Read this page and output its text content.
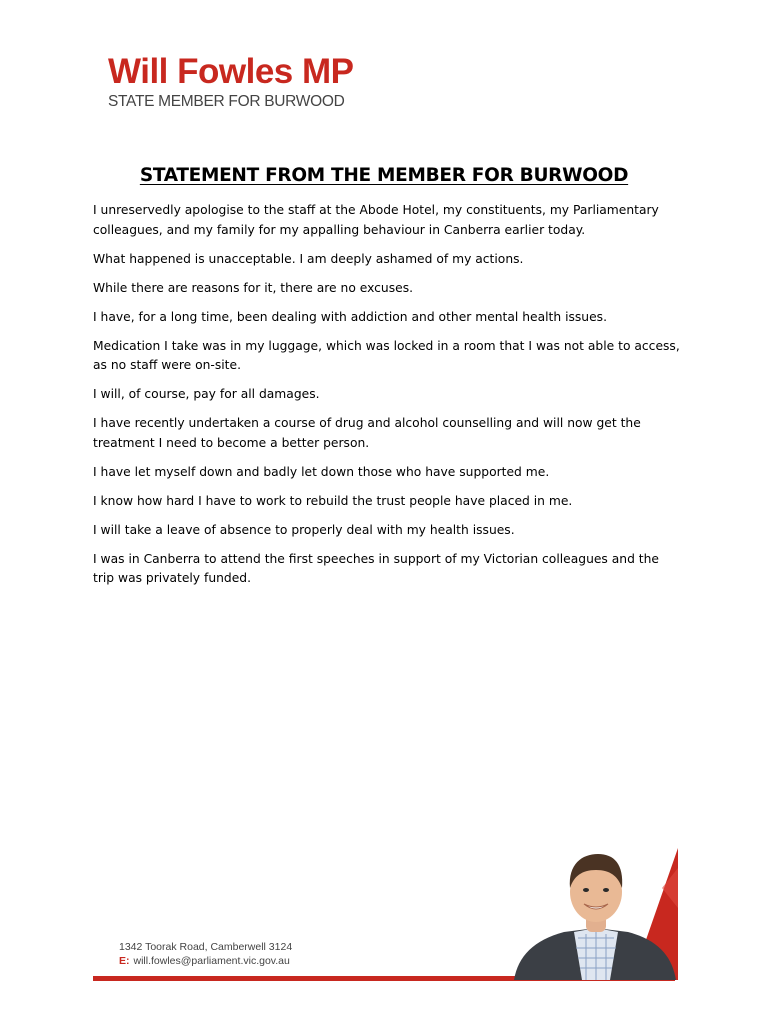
Will Fowles MP
STATE MEMBER FOR BURWOOD
STATEMENT FROM THE MEMBER FOR BURWOOD

I unreservedly apologise to the staff at the Abode Hotel, my constituents, my Parliamentary colleagues, and my family for my appalling behaviour in Canberra earlier today.

What happened is unacceptable. I am deeply ashamed of my actions.

While there are reasons for it, there are no excuses.

I have, for a long time, been dealing with addiction and other mental health issues.

Medication I take was in my luggage, which was locked in a room that I was not able to access, as no staff were on-site.

I will, of course, pay for all damages.

I have recently undertaken a course of drug and alcohol counselling and will now get the treatment I need to become a better person.

I have let myself down and badly let down those who have supported me.

I know how hard I have to work to rebuild the trust people have placed in me.

I will take a leave of absence to properly deal with my health issues.

I was in Canberra to attend the first speeches in support of my Victorian colleagues and the trip was privately funded.

1342 Toorak Road, Camberwell 3124
E: will.fowles@parliament.vic.gov.au
